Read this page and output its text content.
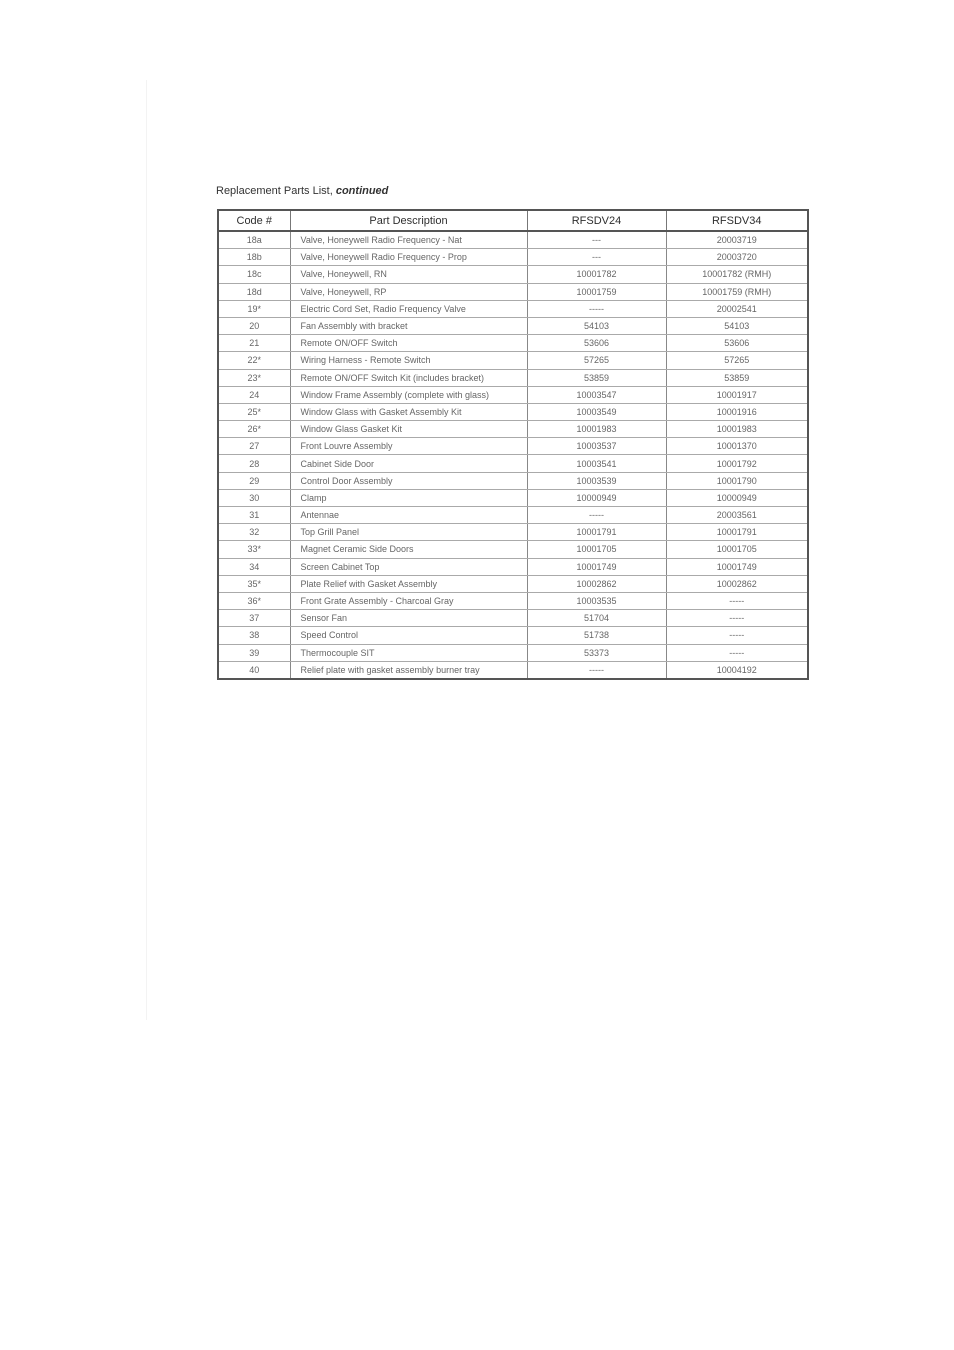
Replacement Parts List, continued
Code #	Part Description	RFSDV24	RFSDV34
18a	Valve, Honeywell Radio Frequency - Nat	---	20003719
18b	Valve, Honeywell Radio Frequency - Prop	---	20003720
18c	Valve, Honeywell, RN	10001782	10001782 (RMH)
18d	Valve, Honeywell, RP	10001759	10001759 (RMH)
19*	Electric Cord Set, Radio Frequency Valve	-----	20002541
20	Fan Assembly with bracket	54103	54103
21	Remote ON/OFF Switch	53606	53606
22*	Wiring Harness - Remote Switch	57265	57265
23*	Remote ON/OFF Switch Kit (includes bracket)	53859	53859
24	Window Frame Assembly (complete with glass)	10003547	10001917
25*	Window Glass with Gasket Assembly Kit	10003549	10001916
26*	Window Glass Gasket Kit	10001983	10001983
27	Front Louvre Assembly	10003537	10001370
28	Cabinet Side Door	10003541	10001792
29	Control Door Assembly	10003539	10001790
30	Clamp	10000949	10000949
31	Antennae	-----	20003561
32	Top Grill Panel	10001791	10001791
33*	Magnet Ceramic Side Doors	10001705	10001705
34	Screen Cabinet Top	10001749	10001749
35*	Plate Relief with Gasket Assembly	10002862	10002862
36*	Front Grate Assembly - Charcoal Gray	10003535	-----
37	Sensor Fan	51704	-----
38	Speed Control	51738	-----
39	Thermocouple SIT	53373	-----
40	Relief plate with gasket assembly burner tray	-----	10004192
